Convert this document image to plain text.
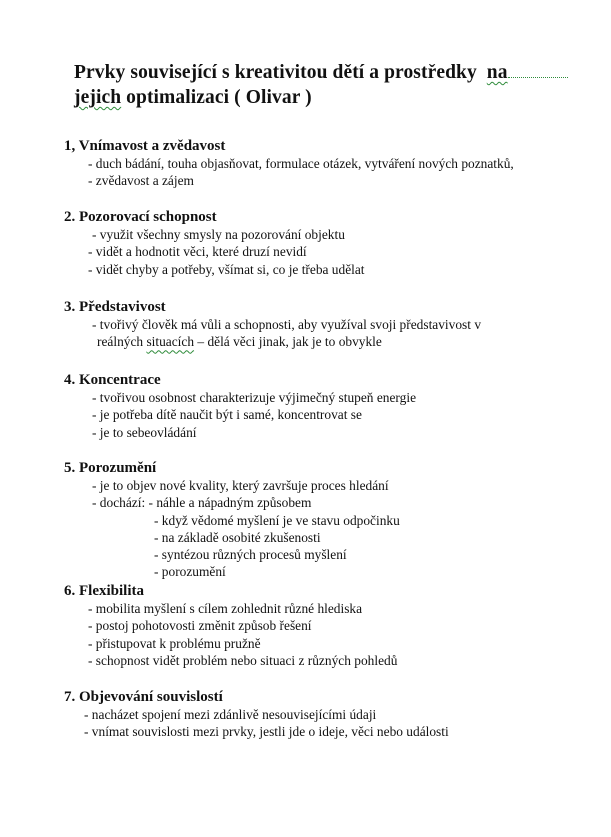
Prvky související s kreativitou dětí a prostředky na
jejich optimalizaci ( Olivar )
1, Vnímavost a zvědavost
- duch bádání, touha objasňovat, formulace otázek, vytváření nových poznatků,
- zvědavost a zájem
2. Pozorovací schopnost
- využit všechny smysly na pozorování objektu
- vidět a hodnotit věci, které druzí nevidí
- vidět chyby a potřeby, všímat si, co je třeba udělat
3. Představivost
- tvořivý člověk má vůli a schopnosti, aby využíval svoji představivost v
reálných situacích – dělá věci jinak, jak je to obvykle
4. Koncentrace
- tvořivou osobnost charakterizuje výjimečný stupeň energie
- je potřeba dítě naučit být i samé, koncentrovat se
- je to sebeovládání
5. Porozumění
- je to objev nové kvality, který završuje proces hledání
- dochází: - náhle a nápadným způsobem
- když vědomé myšlení je ve stavu odpočinku
- na základě osobité zkušenosti
- syntézou různých procesů myšlení
- porozumění
6. Flexibilita
- mobilita myšlení s cílem zohlednit různé hlediska
- postoj pohotovosti změnit způsob řešení
- přistupovat k problému pružně
- schopnost vidět problém nebo situaci z různých pohledů
7. Objevování souvislostí
- nacházet spojení mezi zdánlivě nesouvisejícími údaji
- vnímat souvislosti mezi prvky, jestli jde o ideje, věci nebo události
